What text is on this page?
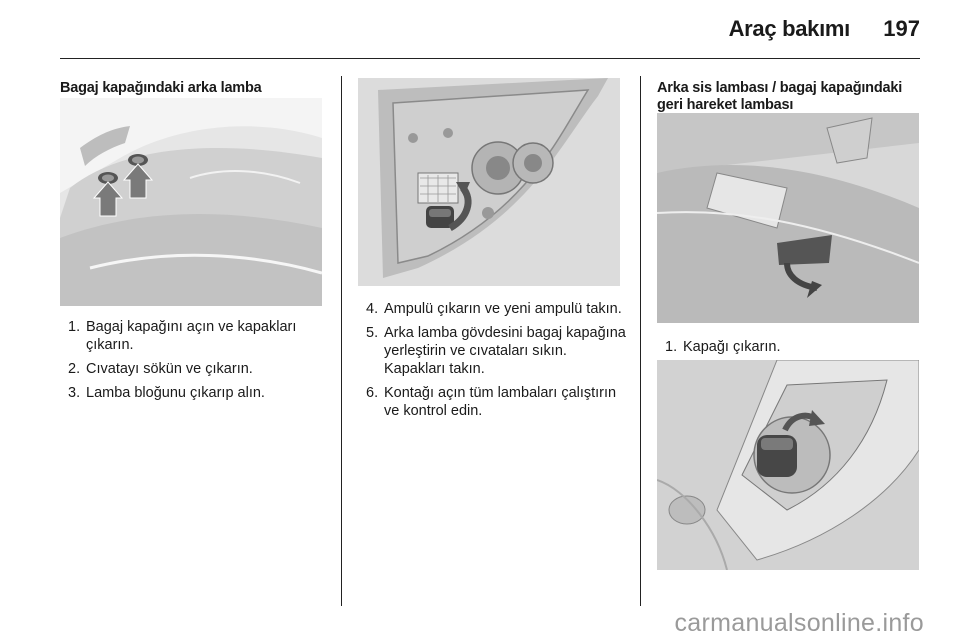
Araç bakımı 197
Bagaj kapağındaki arka lamba
1. Bagaj kapağını açın ve kapakları çıkarın.
2. Cıvatayı sökün ve çıkarın.
3. Lamba bloğunu çıkarıp alın.
4. Ampulü çıkarın ve yeni ampulü takın.
5. Arka lamba gövdesini bagaj kapağına yerleştirin ve cıvataları sıkın. Kapakları takın.
6. Kontağı açın tüm lambaları çalıştırın ve kontrol edin.
Arka sis lambası / bagaj kapağındaki geri hareket lambası
1. Kapağı çıkarın.
carmanualsonline.info
